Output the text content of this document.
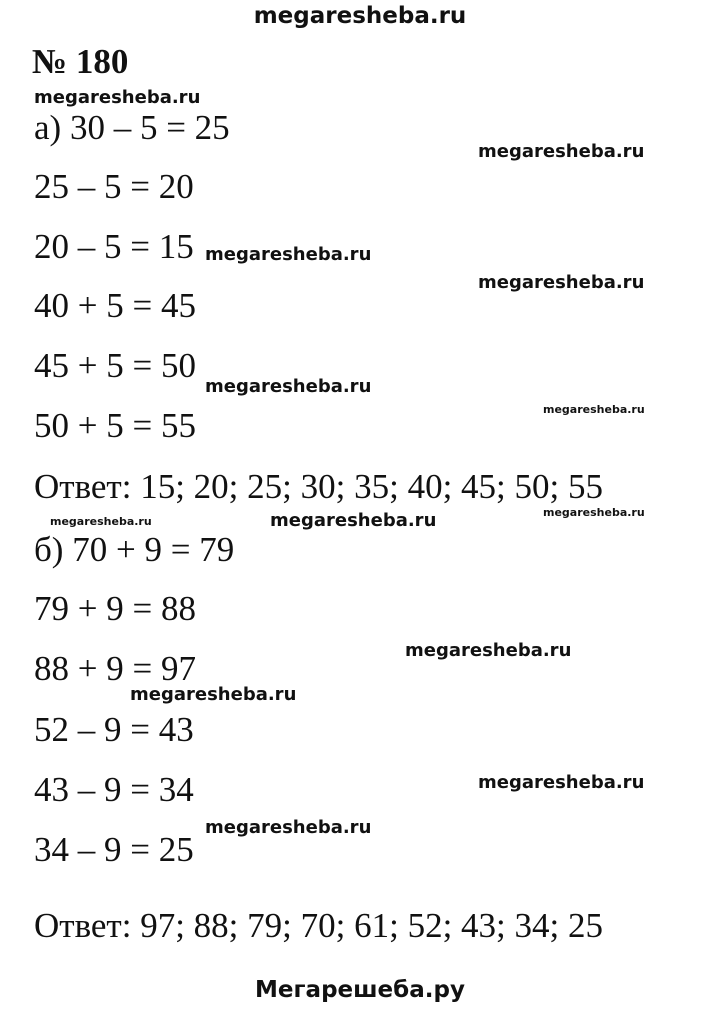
megaresheba.ru
№ 180
а) 30 – 5 = 25
25 – 5 = 20
20 – 5 = 15
40 + 5 = 45
45 + 5 = 50
50 + 5 = 55
Ответ: 15; 20; 25; 30; 35; 40; 45; 50; 55
б) 70 + 9 = 79
79 + 9 = 88
88 + 9 = 97
52 – 9 = 43
43 – 9 = 34
34 – 9 = 25
Ответ: 97; 88; 79; 70; 61; 52; 43; 34; 25
megaresheba.ru
megaresheba.ru
megaresheba.ru
megaresheba.ru
megaresheba.ru
megaresheba.ru
megaresheba.ru	megaresheba.ru	megaresheba.ru
megaresheba.ru
megaresheba.ru
megaresheba.ru
megaresheba.ru
Мегарешеба.ру
